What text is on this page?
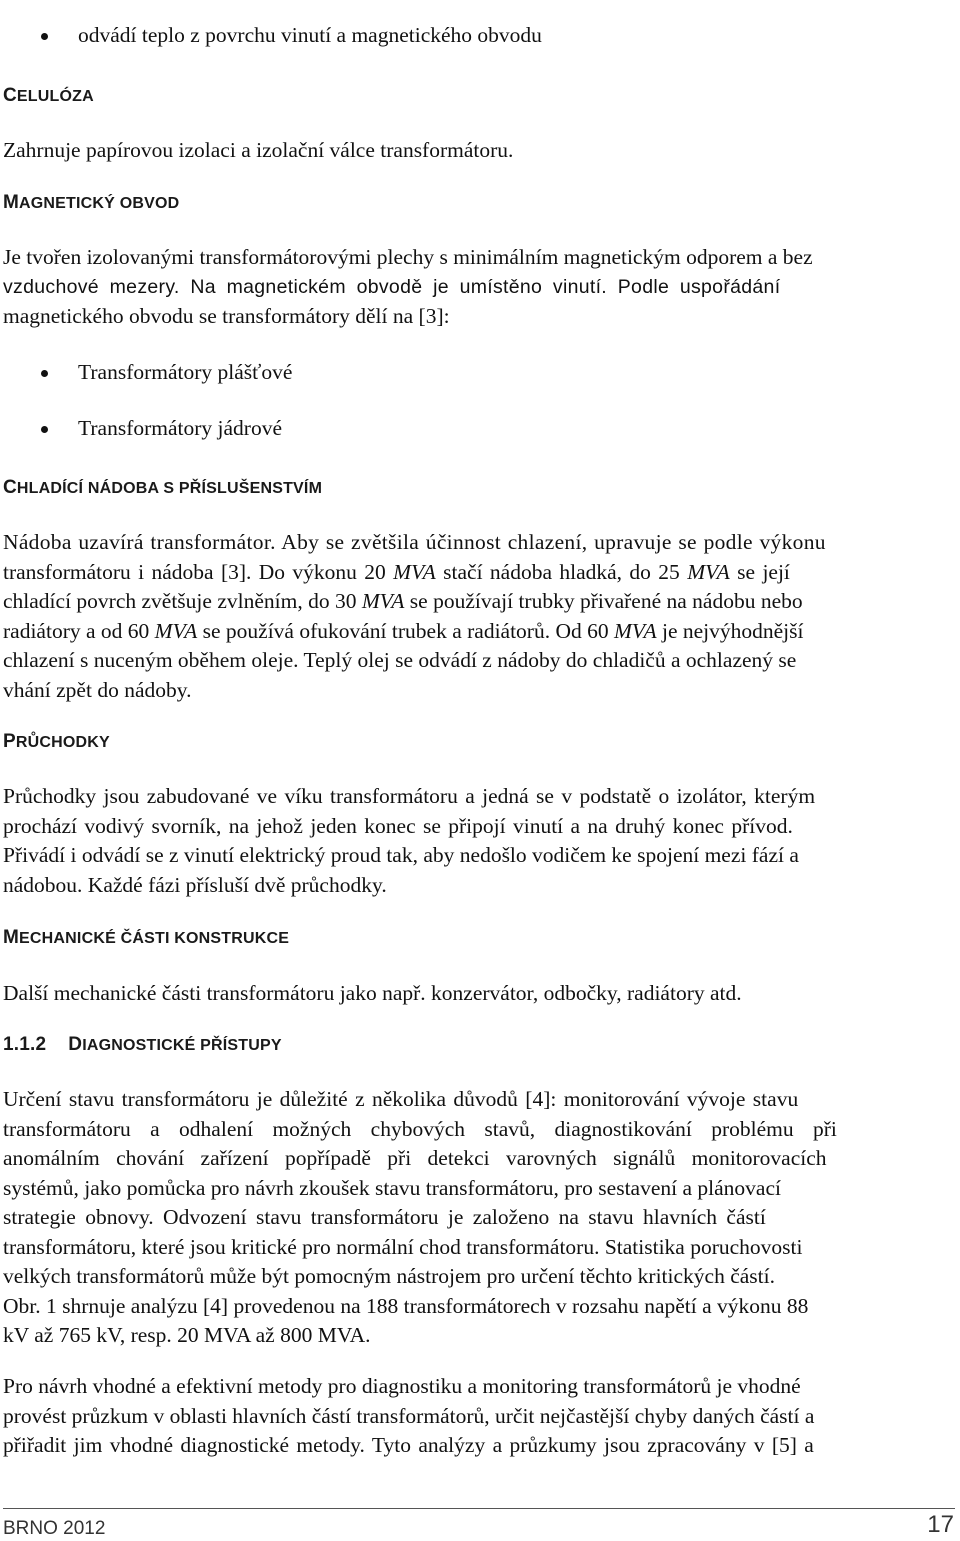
odvádí teplo z povrchu vinutí a magnetického obvodu
CELULÓZA

Zahrnuje papírovou izolaci a izolační válce transformátoru.

MAGNETICKÝ OBVOD

Je tvořen izolovanými transformátorovými plechy s minimálním magnetickým odporem a bez

vzduchové mezery. Na magnetickém obvodě je umístěno vinutí. Podle uspořádání

magnetického obvodu se transformátory dělí na [3]:

Transformátory plášťové
Transformátory jádrové
CHLADÍCÍ NÁDOBA S PŘÍSLUŠENSTVÍM

Nádoba uzavírá transformátor. Aby se zvětšila účinnost chlazení, upravuje se podle výkonu

transformátoru i nádoba [3]. Do výkonu 20 MVA stačí nádoba hladká, do 25 MVA se její

chladící povrch zvětšuje zvlněním, do 30 MVA se používají trubky přivařené na nádobu nebo

radiátory a od 60 MVA se používá ofukování trubek a radiátorů. Od 60 MVA je nejvýhodnější

chlazení s nuceným oběhem oleje. Teplý olej se odvádí z nádoby do chladičů a ochlazený se

vhání zpět do nádoby.

PRŮCHODKY

Průchodky jsou zabudované ve víku transformátoru a jedná se v podstatě o izolátor, kterým

prochází vodivý svorník, na jehož jeden konec se připojí vinutí a na druhý konec přívod.

Přivádí i odvádí se z vinutí elektrický proud tak, aby nedošlo vodičem ke spojení mezi fází a

nádobou. Každé fázi přísluší dvě průchodky.

MECHANICKÉ ČÁSTI KONSTRUKCE

Další mechanické části transformátoru jako např. konzervátor, odbočky, radiátory atd.

1.1.2 DIAGNOSTICKÉ PŘÍSTUPY

Určení stavu transformátoru je důležité z několika důvodů [4]: monitorování vývoje stavu

transformátoru a odhalení možných chybových stavů, diagnostikování problému při

anomálním chování zařízení popřípadě při detekci varovných signálů monitorovacích

systémů, jako pomůcka pro návrh zkoušek stavu transformátoru, pro sestavení a plánovací

strategie obnovy. Odvození stavu transformátoru je založeno na stavu hlavních částí

transformátoru, které jsou kritické pro normální chod transformátoru. Statistika poruchovosti

velkých transformátorů může být pomocným nástrojem pro určení těchto kritických částí.

Obr. 1 shrnuje analýzu [4] provedenou na 188 transformátorech v rozsahu napětí a výkonu 88

kV až 765 kV, resp. 20 MVA až 800 MVA.

Pro návrh vhodné a efektivní metody pro diagnostiku a monitoring transformátorů je vhodné

provést průzkum v oblasti hlavních částí transformátorů, určit nejčastější chyby daných částí a

přiřadit jim vhodné diagnostické metody. Tyto analýzy a průzkumy jsou zpracovány v [5] a

BRNO 2012	17
